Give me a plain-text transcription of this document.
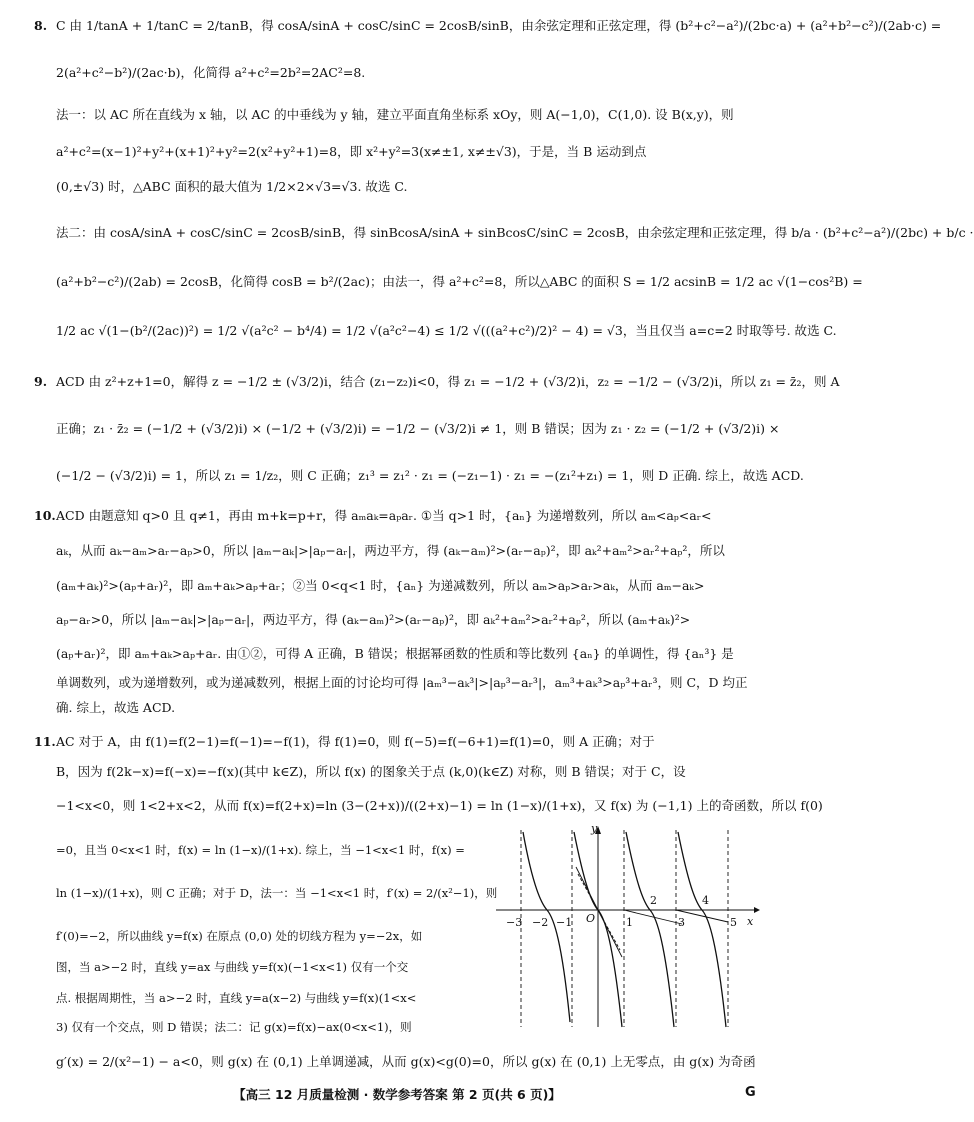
8. C 由 1/tanA + 1/tanC = 2/tanB，得 cosA/sinA + cosC/sinC = 2cosB/sinB，由余弦定理和正弦定理，得 (b²+c²−a²)/(2bc·a) + (a²+b²−c²)/(2ab·c) =
2(a²+c²−b²)/(2ac·b)，化简得 a²+c²=2b²=2AC²=8.
法一：以 AC 所在直线为 x 轴，以 AC 的中垂线为 y 轴，建立平面直角坐标系 xOy，则 A(−1,0)，C(1,0). 设 B(x,y)，则
a²+c²=(x−1)²+y²+(x+1)²+y²=2(x²+y²+1)=8，即 x²+y²=3(x≠±1, x≠±√3)，于是，当 B 运动到点
(0,±√3) 时，△ABC 面积的最大值为 1/2×2×√3=√3. 故选 C.
法二：由 cosA/sinA + cosC/sinC = 2cosB/sinB，得 sinBcosA/sinA + sinBcosC/sinC = 2cosB，由余弦定理和正弦定理，得 b/a · (b²+c²−a²)/(2bc) + b/c ·
(a²+b²−c²)/(2ab) = 2cosB，化简得 cosB = b²/(2ac)；由法一，得 a²+c²=8，所以△ABC 的面积 S = 1/2 acsinB = 1/2 ac √(1−cos²B) =
1/2 ac √(1−(b²/(2ac))²) = 1/2 √(a²c² − b⁴/4) = 1/2 √(a²c²−4) ≤ 1/2 √(((a²+c²)/2)² − 4) = √3，当且仅当 a=c=2 时取等号. 故选 C.
9. ACD 由 z²+z+1=0，解得 z = −1/2 ± (√3/2)i，结合 (z₁−z₂)i<0，得 z₁ = −1/2 + (√3/2)i，z₂ = −1/2 − (√3/2)i，所以 z₁ = z̄₂，则 A
正确；z₁ · z̄₂ = (−1/2 + (√3/2)i) × (−1/2 + (√3/2)i) = −1/2 − (√3/2)i ≠ 1，则 B 错误；因为 z₁ · z₂ = (−1/2 + (√3/2)i) ×
(−1/2 − (√3/2)i) = 1，所以 z₁ = 1/z₂，则 C 正确；z₁³ = z₁² · z₁ = (−z₁−1) · z₁ = −(z₁²+z₁) = 1，则 D 正确. 综上，故选 ACD.
10. ACD 由题意知 q>0 且 q≠1，再由 m+k=p+r，得 aₘaₖ=aₚaᵣ. ①当 q>1 时，{aₙ} 为递增数列，所以 aₘ<aₚ<aᵣ<
aₖ，从而 aₖ−aₘ>aᵣ−aₚ>0，所以 |aₘ−aₖ|>|aₚ−aᵣ|，两边平方，得 (aₖ−aₘ)²>(aᵣ−aₚ)²，即 aₖ²+aₘ²>aᵣ²+aₚ²，所以
(aₘ+aₖ)²>(aₚ+aᵣ)²，即 aₘ+aₖ>aₚ+aᵣ；②当 0<q<1 时，{aₙ} 为递减数列，所以 aₘ>aₚ>aᵣ>aₖ，从而 aₘ−aₖ>
aₚ−aᵣ>0，所以 |aₘ−aₖ|>|aₚ−aᵣ|，两边平方，得 (aₖ−aₘ)²>(aᵣ−aₚ)²，即 aₖ²+aₘ²>aᵣ²+aₚ²，所以 (aₘ+aₖ)²>
(aₚ+aᵣ)²，即 aₘ+aₖ>aₚ+aᵣ. 由①②，可得 A 正确，B 错误；根据幂函数的性质和等比数列 {aₙ} 的单调性，得 {aₙ³} 是
单调数列，或为递增数列，或为递减数列，根据上面的讨论均可得 |aₘ³−aₖ³|>|aₚ³−aᵣ³|，aₘ³+aₖ³>aₚ³+aᵣ³，则 C，D 均正
确. 综上，故选 ACD.
11. AC 对于 A，由 f(1)=f(2−1)=f(−1)=−f(1)，得 f(1)=0，则 f(−5)=f(−6+1)=f(1)=0，则 A 正确；对于
B，因为 f(2k−x)=f(−x)=−f(x)(其中 k∈Z)，所以 f(x) 的图象关于点 (k,0)(k∈Z) 对称，则 B 错误；对于 C，设
−1<x<0，则 1<2+x<2，从而 f(x)=f(2+x)=ln (3−(2+x))/((2+x)−1) = ln (1−x)/(1+x)，又 f(x) 为 (−1,1) 上的奇函数，所以 f(0)
=0，且当 0<x<1 时，f(x) = ln (1−x)/(1+x). 综上，当 −1<x<1 时，f(x) =
ln (1−x)/(1+x)，则 C 正确；对于 D，法一：当 −1<x<1 时，f′(x) = 2/(x²−1)，则
f′(0)=−2，所以曲线 y=f(x) 在原点 (0,0) 处的切线方程为 y=−2x，如
图，当 a>−2 时，直线 y=ax 与曲线 y=f(x)(−1<x<1) 仅有一个交
点. 根据周期性，当 a>−2 时，直线 y=a(x−2) 与曲线 y=f(x)(1<x<
3) 仅有一个交点，则 D 错误；法二：记 g(x)=f(x)−ax(0<x<1)，则
g′(x) = 2/(x²−1) − a<0，则 g(x) 在 (0,1) 上单调递减，从而 g(x)<g(0)=0，所以 g(x) 在 (0,1) 上无零点，由 g(x) 为奇函
y
x
−3 −2 −1 O	1	3	5
2	4
【高三 12 月质量检测 · 数学参考答案 第 2 页(共 6 页)】	G
